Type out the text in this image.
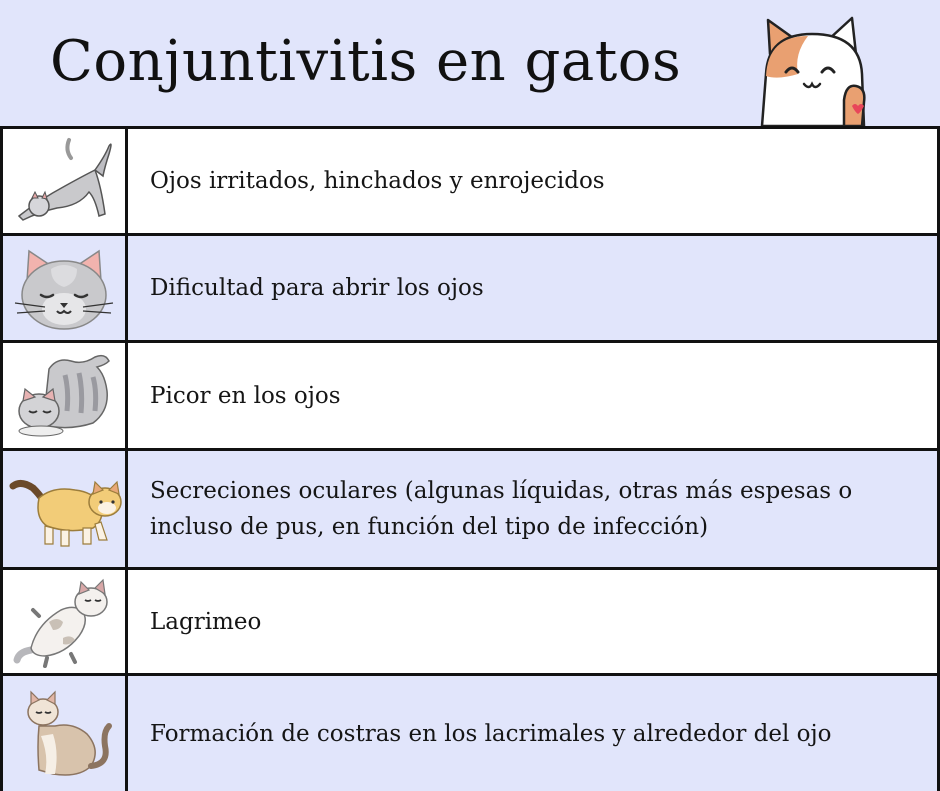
Conjuntivitis en gatos
Ojos irritados, hinchados y enrojecidos
Dificultad para abrir los ojos
Picor en los ojos
Secreciones oculares (algunas líquidas, otras más espesas o incluso de pus, en función del tipo de infección)
Lagrimeo
Formación de costras en los lacrimales y alrededor del ojo
